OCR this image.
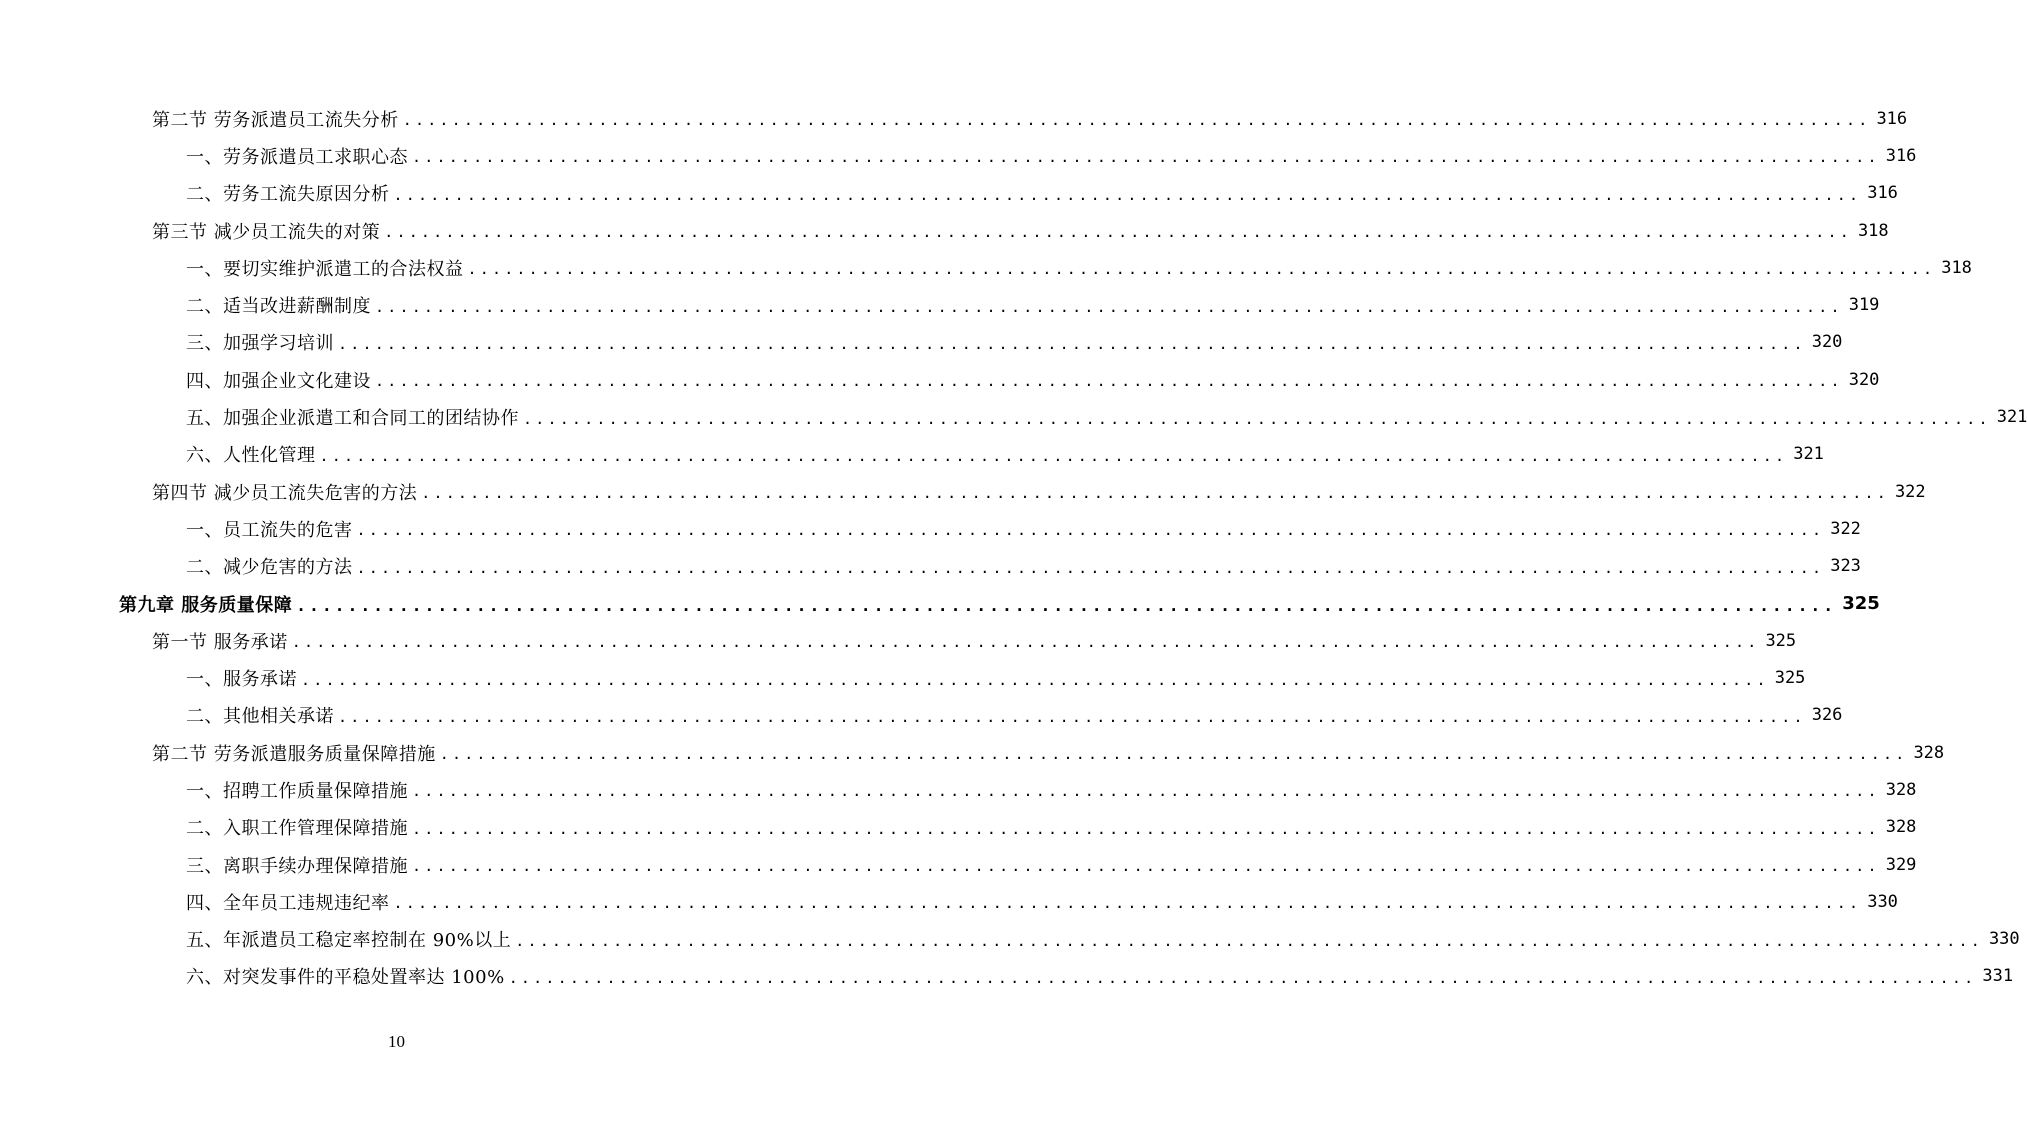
第二节 劳务派遣员工流失分析 ........................................................................................................................ 316
一、劳务派遣员工求职心态 ........................................................................................................................ 316
二、劳务工流失原因分析 ........................................................................................................................ 316
第三节 减少员工流失的对策 ........................................................................................................................ 318
一、要切实维护派遣工的合法权益 ........................................................................................................................ 318
二、适当改进薪酬制度 ........................................................................................................................ 319
三、加强学习培训 ........................................................................................................................ 320
四、加强企业文化建设 ........................................................................................................................ 320
五、加强企业派遣工和合同工的团结协作 ........................................................................................................................ 321
六、人性化管理 ........................................................................................................................ 321
第四节 减少员工流失危害的方法 ........................................................................................................................ 322
一、员工流失的危害 ........................................................................................................................ 322
二、减少危害的方法 ........................................................................................................................ 323
第九章 服务质量保障 ........................................................................................................................ 325
第一节 服务承诺 ........................................................................................................................ 325
一、服务承诺 ........................................................................................................................ 325
二、其他相关承诺 ........................................................................................................................ 326
第二节 劳务派遣服务质量保障措施 ........................................................................................................................ 328
一、招聘工作质量保障措施 ........................................................................................................................ 328
二、入职工作管理保障措施 ........................................................................................................................ 328
三、离职手续办理保障措施 ........................................................................................................................ 329
四、全年员工违规违纪率 ........................................................................................................................ 330
五、年派遣员工稳定率控制在 90%以上 ........................................................................................................................ 330
六、对突发事件的平稳处置率达 100% ........................................................................................................................ 331
10
